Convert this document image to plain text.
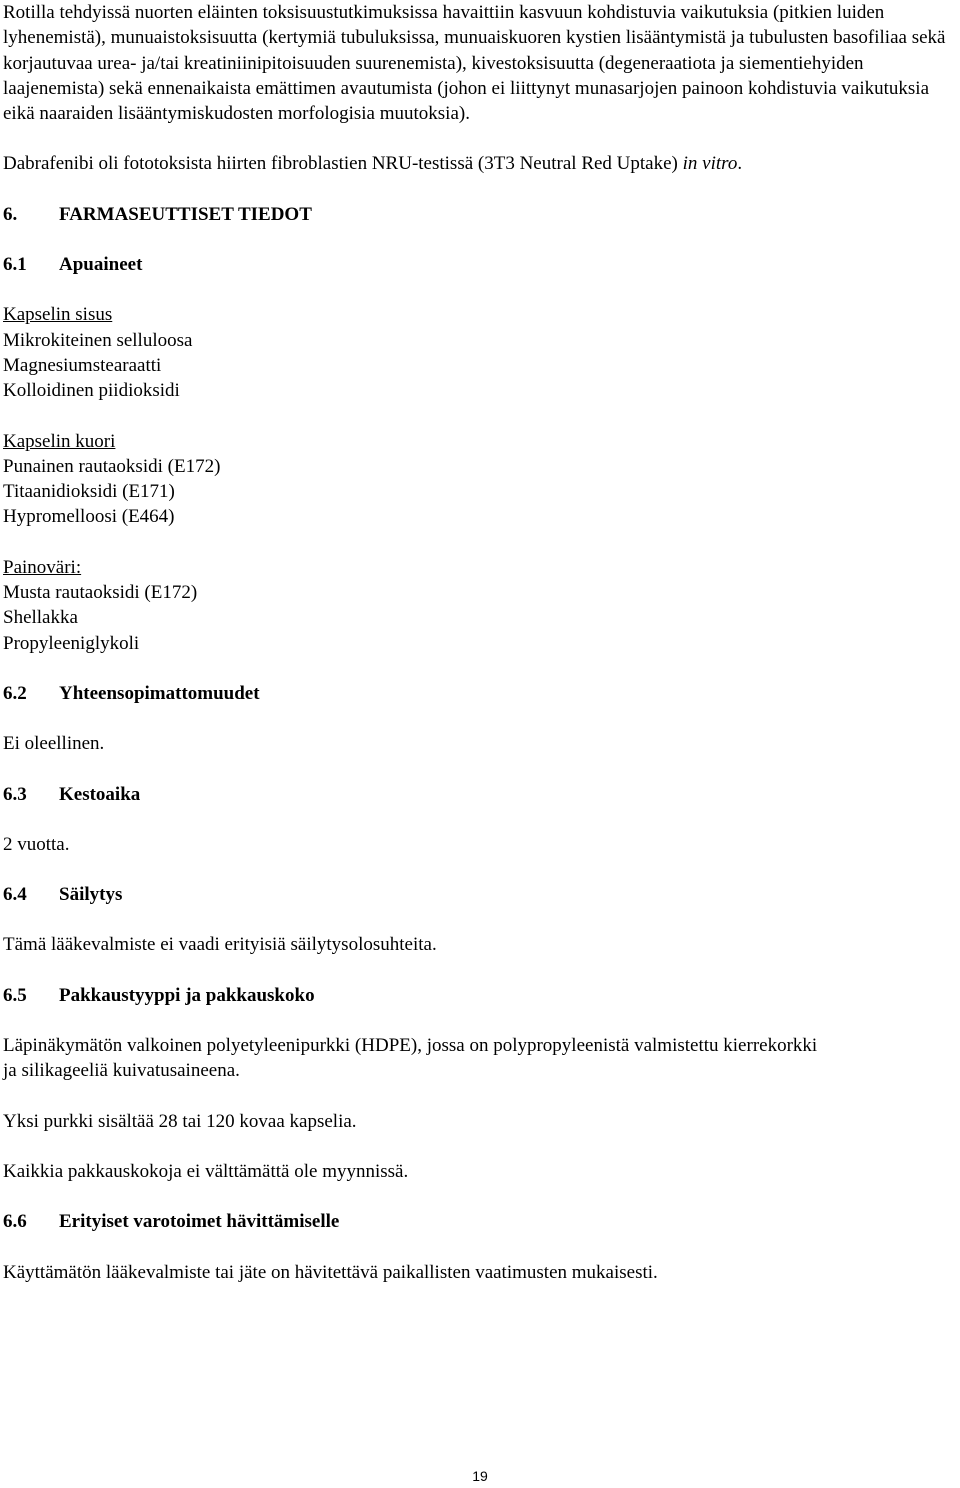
Rotilla tehdyissä nuorten eläinten toksisuustutkimuksissa havaittiin kasvuun kohdistuvia vaikutuksia (pitkien luiden lyhenemistä), munuaistoksisuutta (kertymiä tubuluksissa, munuaiskuoren kystien lisääntymistä ja tubulusten basofiliaa sekä korjautuvaa urea- ja/tai kreatiniinipitoisuuden suurenemista), kivestoksisuutta (degeneraatiota ja siementiehyiden laajenemista) sekä ennenaikaista emättimen avautumista (johon ei liittynyt munasarjojen painoon kohdistuvia vaikutuksia eikä naaraiden lisääntymiskudosten morfologisia muutoksia).

Dabrafenibi oli fototoksista hiirten fibroblastien NRU-testissä (3T3 Neutral Red Uptake) in vitro.

6.	FARMASEUTTISET TIEDOT
6.1	Apuaineet
Kapselin sisus
Mikrokiteinen selluloosa
Magnesiumstearaatti
Kolloidinen piidioksidi
Kapselin kuori
Punainen rautaoksidi (E172)
Titaanidioksidi (E171)
Hypromelloosi (E464)
Painoväri:
Musta rautaoksidi (E172)
Shellakka
Propyleeniglykoli
6.2	Yhteensopimattomuudet

Ei oleellinen.

6.3	Kestoaika

2 vuotta.

6.4	Säilytys

Tämä lääkevalmiste ei vaadi erityisiä säilytysolosuhteita.

6.5	Pakkaustyyppi ja pakkauskoko
Läpinäkymätön valkoinen polyetyleenipurkki (HDPE), jossa on polypropyleenistä valmistettu kierrekorkki
ja silikageeliä kuivatusaineena.

Yksi purkki sisältää 28 tai 120 kovaa kapselia.

Kaikkia pakkauskokoja ei välttämättä ole myynnissä.

6.6	Erityiset varotoimet hävittämiselle

Käyttämätön lääkevalmiste tai jäte on hävitettävä paikallisten vaatimusten mukaisesti.

19
